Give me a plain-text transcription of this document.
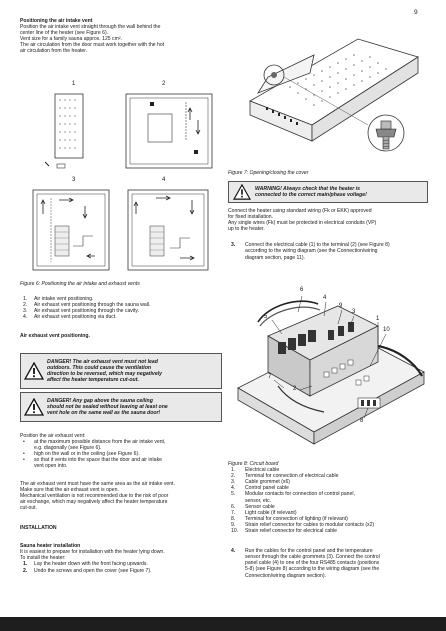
9
Positioning the air intake vent
Position the air intake vent straight through the wall behind the
center line of the heater (see Figure 6).
Vent size for a family sauna approx. 125 cm².
The air circulation from the door must work together with the hot
air circulation from the heater.
1	2
3	4
Figure 6: Positioning the air intake and exhaust vents
1.	Air intake vent positioning.
2.	Air exhaust vent positioning through the sauna wall.
3.	Air exhaust vent positioning through the cavity.
4.	Air exhaust vent positioning via duct.
Air exhaust vent positioning.
DANGER! The air exhaust vent must not lead
outdoors. This could cause the ventilation
direction to be reversed, which may negatively
affect the heater temperature cut-out.
DANGER! Any gap above the sauna ceiling
should not be sealed without leaving at least one
vent hole on the same wall as the sauna door!
Position the air exhaust vent:
•	at the maximum possible distance from the air intake vent,
e.g. diagonally (see Figure 6).
•	high on the wall or in the ceiling (see Figure 6).
•	so that it vents into the space that the door and air intake
vent open into.
The air exhaust vent must have the same area as the air intake vent.
Make sure that the air exhaust vent is open.
Mechanical ventilation is not recommended due to the risk of poor
air exchange, which may negatively affect the heater temperature
cut-out.
INSTALLATION
Sauna heater installation
It is easiest to prepare for installation with the heater lying down.
To install the heater:
1.	Lay the heater down with the front facing upwards.
2.	Undo the screws and open the cover (see Figure 7).
Figure 7: Opening/closing the cover
WARNING! Always check that the heater is
connected to the correct main/phase voltage!
Connect the heater using standard wiring (Fk or EKK) approved
for fixed installation.
Any single wires (Fk) must be protected in electrical conduits (VP)
up to the heater.
3.	Connect the electrical cable (1) to the terminal (2) (see Figure 8)
according to the wiring diagram (see the Connection/wiring
diagram section, page 11).
6
4
9
5
3
1
10
7
2
8
Figure 8: Circuit board
1.	Electrical cable
2.	Terminal for connection of electrical cable
3.	Cable grommet (x6)
4.	Control panel cable
5.	Modular contacts for connection of control panel,
sensor, etc.
6.	Sensor cable
7.	Light cable (if relevant)
8.	Terminal for connection of lighting (if relevant)
9.	Strain relief connector for cables to modular contacts (x2)
10.	Strain relief connector for electrical cable
4.	Run the cables for the control panel and the temperature
sensor through the cable grommets (3). Connect the control
panel cable (4) to one of the four RS485 contacts (positions
5-8) (see Figure 8) according to the wiring diagram (see the
Connection/wiring diagram section).
